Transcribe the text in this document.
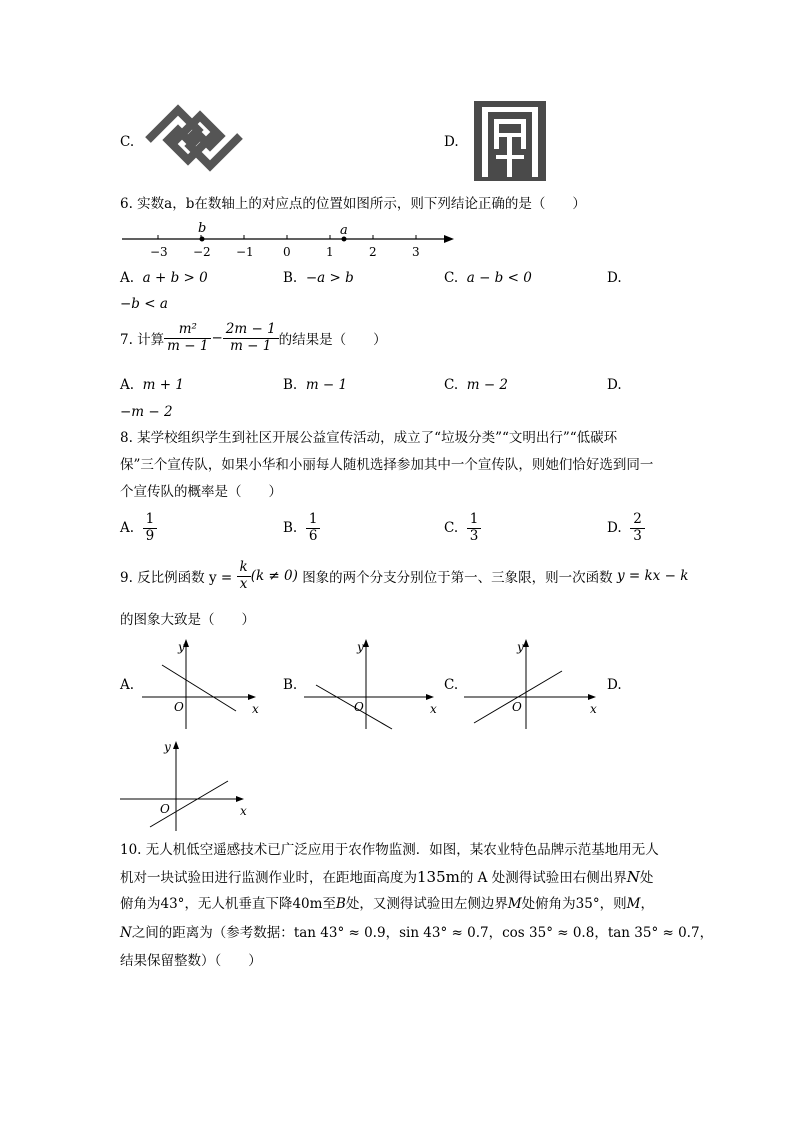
C.	D.
6. 实数a，b在数轴上的对应点的位置如图所示，则下列结论正确的是（　　）
−3 −2 −1 0	1	2	3
b	a
A. a + b > 0	B. −a > b	C. a − b < 0	D.
−b < a
7. 计算 $\frac{\text{m²}}{m - 1} - \frac{2m - 1}{m - 1}$ 的结果是（　　）
A. m + 1	B. m − 1	C. m − 2	D.
−m − 2
8. 某学校组织学生到社区开展公益宣传活动，成立了“垃圾分类”“文明出行”“低碳环
保”三个宣传队，如果小华和小丽每人随机选择参加其中一个宣传队，则她们恰好选到同一
个宣传队的概率是（　　）
A. $\frac{1}{9}$	B. $\frac{1}{6}$	C. $\frac{1}{3}$	D. $\frac{2}{3}$
9. 反比例函数 $y = \frac{k}{x} (k \ne 0)$ 图象的两个分支分别位于第一、三象限，则一次函数 y = kx − k
的图象大致是（　　）
A.
y
x
O
B.
y
x
O
C.
y
x
O
D.
y
x
O
10. 无人机低空遥感技术已广泛应用于农作物监测．如图，某农业特色品牌示范基地用无人
机对一块试验田进行监测作业时，在距地面高度为135m的 A 处测得试验田右侧出界N处
俯角为43°，无人机垂直下降40m至B处，又测得试验田左侧边界M处俯角为35°，则M，
N之间的距离为（参考数据：tan 43° ≈ 0.9，sin 43° ≈ 0.7，cos 35° ≈ 0.8，tan 35° ≈ 0.7，
结果保留整数）（　　）
